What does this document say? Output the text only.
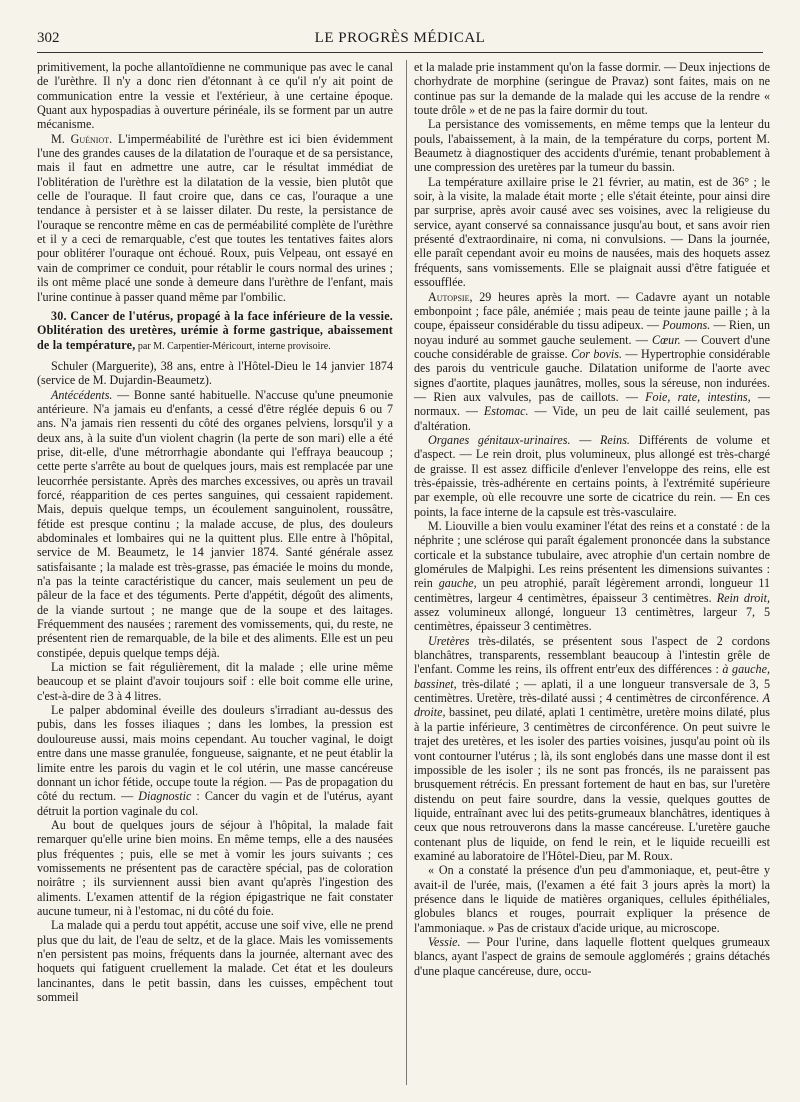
302	LE PROGRÈS MÉDICAL

primitivement, la poche allantoïdienne ne communique pas avec le canal de l'urèthre. Il n'y a donc rien d'étonnant à ce qu'il n'y ait point de communication entre la vessie et l'extérieur, à une certaine époque. Quant aux hypospadias à ouverture périnéale, ils se forment par un autre mécanisme.

M. Guéniot. L'imperméabilité de l'urèthre est ici bien évidemment l'une des grandes causes de la dilatation de l'ouraque et de sa persistance, mais il faut en admettre une autre, car le résultat immédiat de l'oblitération de l'urèthre est la dilatation de la vessie, bien plutôt que celle de l'ouraque. Il faut croire que, dans ce cas, l'ouraque a une tendance à persister et à se laisser dilater. Du reste, la persistance de l'ouraque se rencontre même en cas de perméabilité complète de l'urèthre et il y a ceci de remarquable, c'est que toutes les tentatives faites alors pour oblitérer l'ouraque ont échoué. Roux, puis Velpeau, ont essayé en vain de comprimer ce conduit, pour rétablir le cours normal des urines ; ils ont même placé une sonde à demeure dans l'urèthre de l'enfant, mais l'urine continue à passer quand même par l'ombilic.

30. Cancer de l'utérus, propagé à la face inférieure de la vessie. Oblitération des uretères, urémie à forme gastrique, abaissement de la température, par M. Carpentier-Méricourt, interne provisoire.

Schuler (Marguerite), 38 ans, entre à l'Hôtel-Dieu le 14 janvier 1874 (service de M. Dujardin-Beaumetz).

Antécédents. — Bonne santé habituelle. N'accuse qu'une pneumonie antérieure. N'a jamais eu d'enfants, a cessé d'être réglée depuis 6 ou 7 ans. N'a jamais rien ressenti du côté des organes pelviens, lorsqu'il y a deux ans, à la suite d'un violent chagrin (la perte de son mari) elle a été prise, dit-elle, d'une métrorrhagie abondante qui l'effraya beaucoup ; cette perte s'arrête au bout de quelques jours, mais est remplacée par une leucorrhée persistante. Après des marches excessives, ou après un travail forcé, réapparition de ces pertes sanguines, qui cessaient rapidement. Mais, depuis quelque temps, un écoulement sanguinolent, roussâtre, fétide est presque continu ; la malade accuse, de plus, des douleurs abdominales et lombaires qui ne la quittent plus. Elle entre à l'hôpital, service de M. Beaumetz, le 14 janvier 1874. Santé générale assez satisfaisante ; la malade est très-grasse, pas émaciée le moins du monde, n'a pas la teinte caractéristique du cancer, mais seulement un peu de pâleur de la face et des téguments. Perte d'appétit, dégoût des aliments, de la viande surtout ; ne mange que de la soupe et des laitages. Fréquemment des nausées ; rarement des vomissements, qui, du reste, ne présentent rien de remarquable, de la bile et des aliments. Elle est un peu constipée, depuis quelque temps déjà.

La miction se fait régulièrement, dit la malade ; elle urine même beaucoup et se plaint d'avoir toujours soif : elle boit comme elle urine, c'est-à-dire de 3 à 4 litres.

Le palper abdominal éveille des douleurs s'irradiant au-dessus des pubis, dans les fosses iliaques ; dans les lombes, la pression est douloureuse aussi, mais moins cependant. Au toucher vaginal, le doigt entre dans une masse granulée, fongueuse, saignante, et ne peut établir la limite entre les parois du vagin et le col utérin, une masse cancéreuse donnant un ichor fétide, occupe toute la région. — Pas de propagation du côté du rectum. — Diagnostic : Cancer du vagin et de l'utérus, ayant détruit la portion vaginale du col.

Au bout de quelques jours de séjour à l'hôpital, la malade fait remarquer qu'elle urine bien moins. En même temps, elle a des nausées plus fréquentes ; puis, elle se met à vomir les jours suivants ; ces vomissements ne présentent pas de caractère spécial, pas de coloration noirâtre ; ils surviennent aussi bien avant qu'après l'ingestion des aliments. L'examen attentif de la région épigastrique ne fait constater aucune tumeur, ni à l'estomac, ni du côté du foie.

La malade qui a perdu tout appétit, accuse une soif vive, elle ne prend plus que du lait, de l'eau de seltz, et de la glace. Mais les vomissements n'en persistent pas moins, fréquents dans la journée, alternant avec des hoquets qui fatiguent cruellement la malade. Cet état et les douleurs lancinantes, dans le petit bassin, dans les cuisses, empêchent tout sommeil

et la malade prie instamment qu'on la fasse dormir. — Deux injections de chorhydrate de morphine (seringue de Pravaz) sont faites, mais on ne continue pas sur la demande de la malade qui les accuse de la rendre « toute drôle » et de ne pas la faire dormir du tout.

La persistance des vomissements, en même temps que la lenteur du pouls, l'abaissement, à la main, de la température du corps, portent M. Beaumetz à diagnostiquer des accidents d'urémie, tenant probablement à une compression des uretères par la tumeur du bassin.

La température axillaire prise le 21 février, au matin, est de 36° ; le soir, à la visite, la malade était morte ; elle s'était éteinte, pour ainsi dire par surprise, après avoir causé avec ses voisines, avec la religieuse du service, ayant conservé sa connaissance jusqu'au bout, et sans avoir rien présenté d'extraordinaire, ni coma, ni convulsions. — Dans la journée, elle paraît cependant avoir eu moins de nausées, mais des hoquets assez fréquents, sans vomissements. Elle se plaignait aussi d'être fatiguée et essoufflée.

Autopsie, 29 heures après la mort. — Cadavre ayant un notable embonpoint ; face pâle, anémiée ; mais peau de teinte jaune paille ; à la coupe, épaisseur considérable du tissu adipeux. — Poumons. — Rien, un noyau induré au sommet gauche seulement. — Cœur. — Couvert d'une couche considérable de graisse. Cor bovis. — Hypertrophie considérable des parois du ventricule gauche. Dilatation uniforme de l'aorte avec signes d'aortite, plaques jaunâtres, molles, sous la séreuse, non indurées. — Rien aux valvules, pas de caillots. — Foie, rate, intestins, — normaux. — Estomac. — Vide, un peu de lait caillé seulement, pas d'altération.

Organes génitaux-urinaires. — Reins. Différents de volume et d'aspect. — Le rein droit, plus volumineux, plus allongé est très-chargé de graisse. Il est assez difficile d'enlever l'enveloppe des reins, elle est très-épaissie, très-adhérente en certains points, à l'extrémité supérieure par exemple, où elle recouvre une sorte de cicatrice du rein. — En ces points, la face interne de la capsule est très-vasculaire.

M. Liouville a bien voulu examiner l'état des reins et a constaté : de la néphrite ; une sclérose qui paraît également prononcée dans la substance corticale et la substance tubulaire, avec atrophie d'un certain nombre de glomérules de Malpighi. Les reins présentent les dimensions suivantes : rein gauche, un peu atrophié, paraît légèrement arrondi, longueur 11 centimètres, largeur 4 centimètres, épaisseur 3 centimètres. Rein droit, assez volumineux allongé, longueur 13 centimètres, largeur 7, 5 centimètres, épaisseur 3 centimètres.

Uretères très-dilatés, se présentent sous l'aspect de 2 cordons blanchâtres, transparents, ressemblant beaucoup à l'intestin grêle de l'enfant. Comme les reins, ils offrent entr'eux des différences : à gauche, bassinet, très-dilaté ; — aplati, il a une longueur transversale de 3, 5 centimètres. Uretère, très-dilaté aussi ; 4 centimètres de circonférence. A droite, bassinet, peu dilaté, aplati 1 centimètre, uretère moins dilaté, plus à la partie inférieure, 3 centimètres de circonférence. On peut suivre le trajet des uretères, et les isoler des parties voisines, jusqu'au point où ils vont contourner l'utérus ; là, ils sont englobés dans une masse dont il est impossible de les isoler ; ils ne sont pas froncés, ils ne paraissent pas brusquement rétrécis. En pressant fortement de haut en bas, sur l'uretère distendu on peut faire sourdre, dans la vessie, quelques gouttes de liquide, entraînant avec lui des petits-grumeaux blanchâtres, identiques à ceux que nous retrouverons dans la masse cancéreuse. L'uretère gauche contenant plus de liquide, on fend le rein, et le liquide recueilli est examiné au laboratoire de l'Hôtel-Dieu, par M. Roux.

« On a constaté la présence d'un peu d'ammoniaque, et, peut-être y avait-il de l'urée, mais, (l'examen a été fait 3 jours après la mort) la présence dans le liquide de matières organiques, cellules épithéliales, globules blancs et rouges, pourrait expliquer la présence de l'ammoniaque. » Pas de cristaux d'acide urique, au microscope.

Vessie. — Pour l'urine, dans laquelle flottent quelques grumeaux blancs, ayant l'aspect de grains de semoule agglomérés ; grains détachés d'une plaque cancéreuse, dure, occu-
